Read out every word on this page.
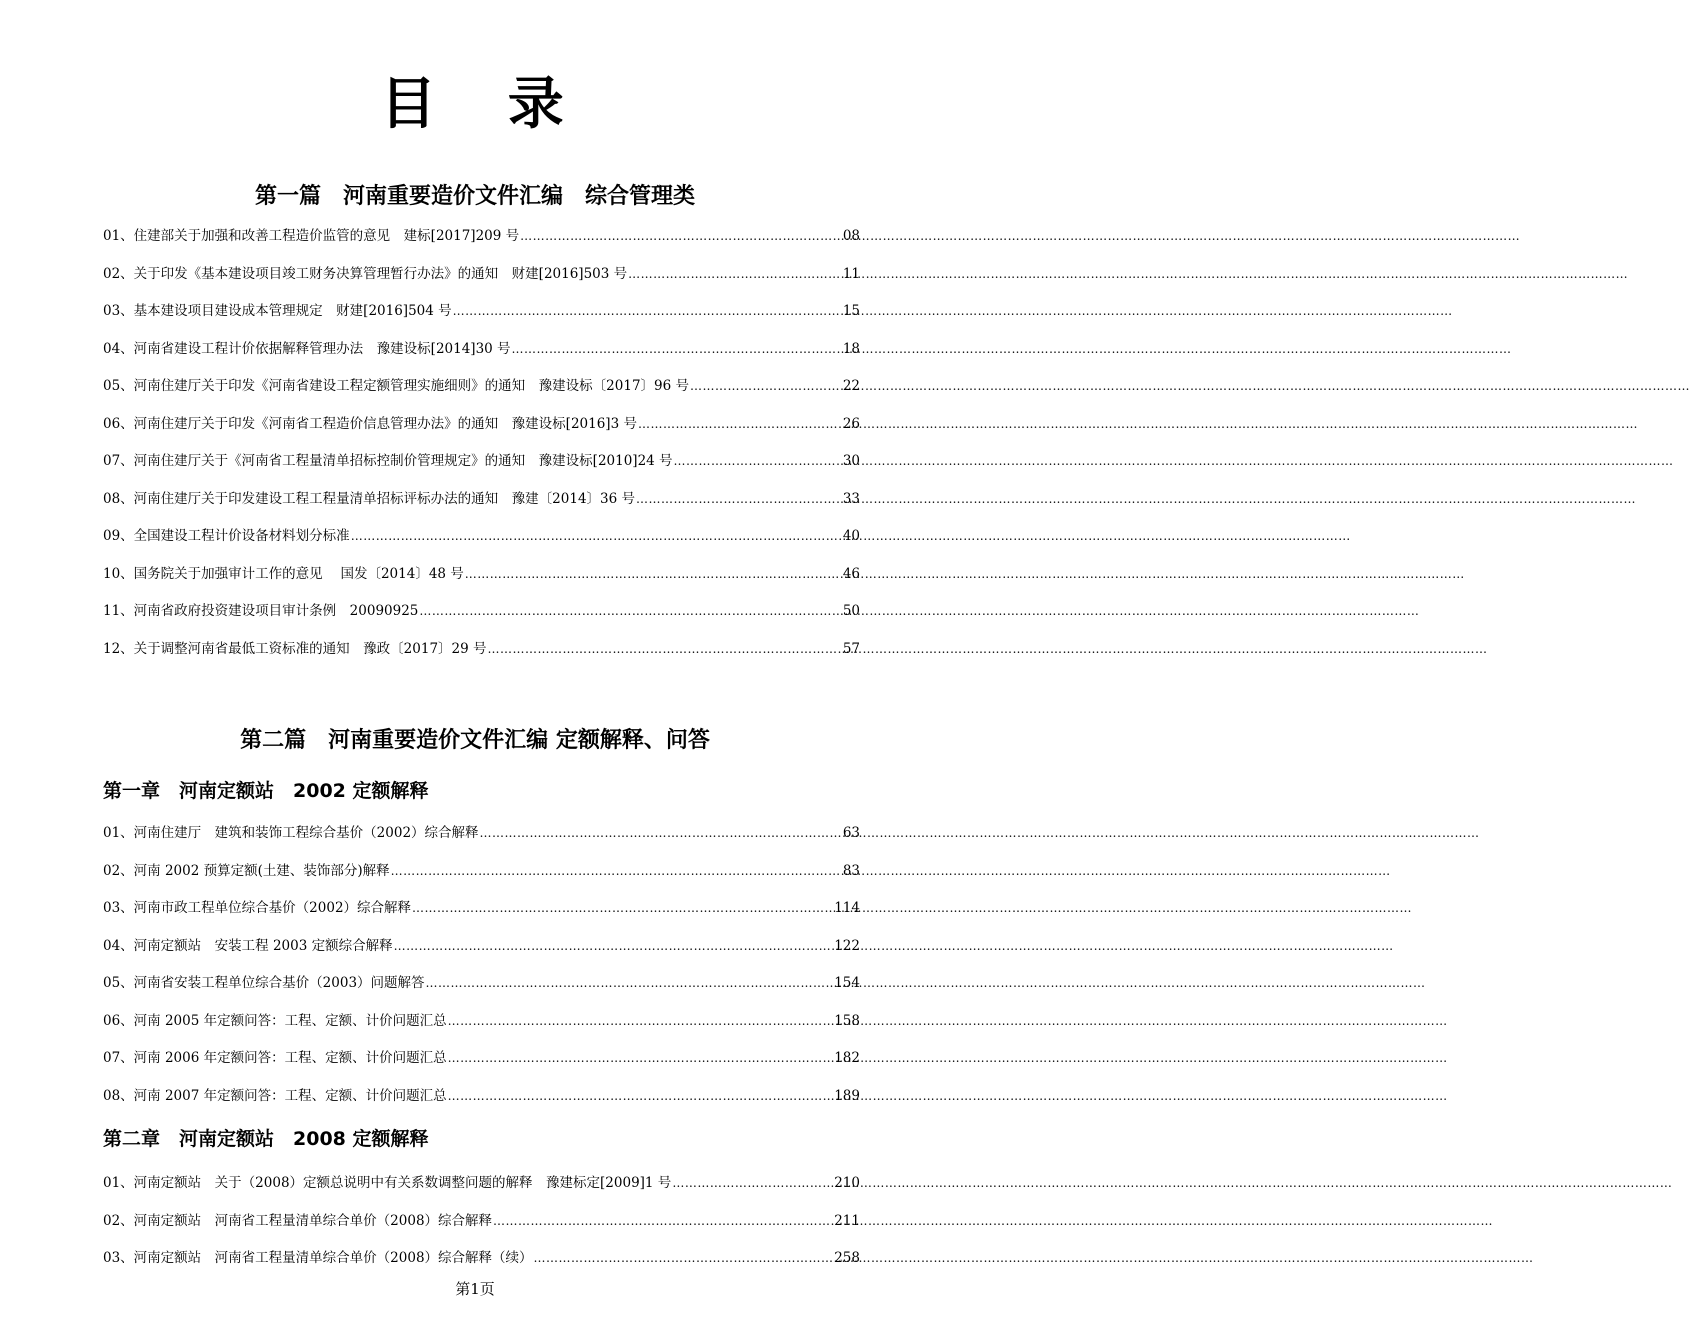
目 录
第一篇　河南重要造价文件汇编　综合管理类
01、住建部关于加强和改善工程造价监管的意见　建标[2017]209 号 ……………………………………………………………………………………………………………………………………………………………………………………………………………………	08
02、关于印发《基本建设项目竣工财务决算管理暂行办法》的通知　财建[2016]503 号 ……………………………………………………………………………………………………………………………………………………………………………………………………………………	11
03、基本建设项目建设成本管理规定　财建[2016]504 号 ……………………………………………………………………………………………………………………………………………………………………………………………………………………	15
04、河南省建设工程计价依据解释管理办法　豫建设标[2014]30 号 ……………………………………………………………………………………………………………………………………………………………………………………………………………………	18
05、河南住建厅关于印发《河南省建设工程定额管理实施细则》的通知　豫建设标〔2017〕96 号 ……………………………………………………………………………………………………………………………………………………………………………………………………………………	22
06、河南住建厅关于印发《河南省工程造价信息管理办法》的通知　豫建设标[2016]3 号 ……………………………………………………………………………………………………………………………………………………………………………………………………………………	26
07、河南住建厅关于《河南省工程量清单招标控制价管理规定》的通知　豫建设标[2010]24 号 ……………………………………………………………………………………………………………………………………………………………………………………………………………………	30
08、河南住建厅关于印发建设工程工程量清单招标评标办法的通知　豫建〔2014〕36 号 ……………………………………………………………………………………………………………………………………………………………………………………………………………………	33
09、全国建设工程计价设备材料划分标准 ……………………………………………………………………………………………………………………………………………………………………………………………………………………	40
10、国务院关于加强审计工作的意见　 国发〔2014〕48 号 ……………………………………………………………………………………………………………………………………………………………………………………………………………………	46
11、河南省政府投资建设项目审计条例　20090925 ……………………………………………………………………………………………………………………………………………………………………………………………………………………	50
12、关于调整河南省最低工资标准的通知　豫政〔2017〕29 号 ……………………………………………………………………………………………………………………………………………………………………………………………………………………	57
第二篇　河南重要造价文件汇编 定额解释、问答
第一章　河南定额站　2002 定额解释
01、河南住建厅　建筑和装饰工程综合基价（2002）综合解释 ……………………………………………………………………………………………………………………………………………………………………………………………………………………	63
02、河南 2002 预算定额(土建、装饰部分)解释 ……………………………………………………………………………………………………………………………………………………………………………………………………………………	83
03、河南市政工程单位综合基价（2002）综合解释 ……………………………………………………………………………………………………………………………………………………………………………………………………………………	114
04、河南定额站　安装工程 2003 定额综合解释 ……………………………………………………………………………………………………………………………………………………………………………………………………………………	122
05、河南省安装工程单位综合基价（2003）问题解答 ……………………………………………………………………………………………………………………………………………………………………………………………………………………	154
06、河南 2005 年定额问答：工程、定额、计价问题汇总 ……………………………………………………………………………………………………………………………………………………………………………………………………………………	158
07、河南 2006 年定额问答：工程、定额、计价问题汇总 ……………………………………………………………………………………………………………………………………………………………………………………………………………………	182
08、河南 2007 年定额问答：工程、定额、计价问题汇总 ……………………………………………………………………………………………………………………………………………………………………………………………………………………	189
第二章　河南定额站　2008 定额解释
01、河南定额站　关于（2008）定额总说明中有关系数调整问题的解释　豫建标定[2009]1 号 ……………………………………………………………………………………………………………………………………………………………………………………………………………………	210
02、河南定额站　河南省工程量清单综合单价（2008）综合解释 ……………………………………………………………………………………………………………………………………………………………………………………………………………………	211
03、河南定额站　河南省工程量清单综合单价（2008）综合解释（续） ……………………………………………………………………………………………………………………………………………………………………………………………………………………	258
第1页
